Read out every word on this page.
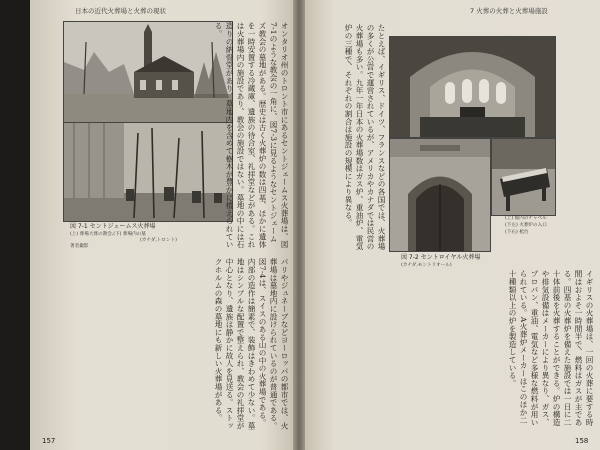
日本の近代火葬場と火葬の現状
図 7-1 セントジェームス火葬場
(上) 葬場大葬の教会,(下) 葬場内の墓
(カナダ,トロント)
著者撮影	オンタリオ州のトロント市にあるセントジェームス火葬場は、図7-1のような教会の一角に、図7-3に見るようなセントジェームズ教会の墓地がある。歴史は古く火葬炉の数は四基、ほかに遺体を一時安置する冷蔵庫、遺族の待合室、礼拝堂などがある。これは火葬場内の施設であり、教会の施設ではない。墓地の中には石造りの納骨堂があり、墓地内を含めて樹木が豊かに植えられている。
パリやジュネーブなどヨーロッパの都市では、火葬場は墓地内に設けられているのが普通である。図7-4は、スイスのある山の中の火葬場である。内部の造作は簡素で、装飾はきわめて少ない。墓地はシンプルな配置で整えられ、教会の礼拝堂が中心となり、遺族は静かに故人を見送る。ストックホルムの森の墓地にも新しい火葬場がある。
157
7 火葬の火葬と火葬場施設
たとえば、イギリス、ドイツ、フランスなどの各国では、火葬場の多くが公営で運営されているが、アメリカやカナダでは民営の火葬場も多い。九年一年日本の火葬場数はガス炉、重油炉、電気炉の三種で、それぞれの割合は施設の規模により異なる。	(上) 館内のチャペル
(下左) 火葬炉の入口
(下右) 棺台
図 7-2 セントロイヤル火葬場
(カナダ,モントリオール)
イギリスの火葬場は、一回の火葬に要する時間はおよそ一時間半で、燃料はガスが主である。四基の火葬炉を備えた施設では一日に二十体前後を火葬することができる。炉の構造や排気設備はメーカーにより異なり、ガス、プロパン、重油、電気など多様な燃料が用いられている。A火葬炉メーカーはこのほか二十種類以上の炉を製造している。
158
